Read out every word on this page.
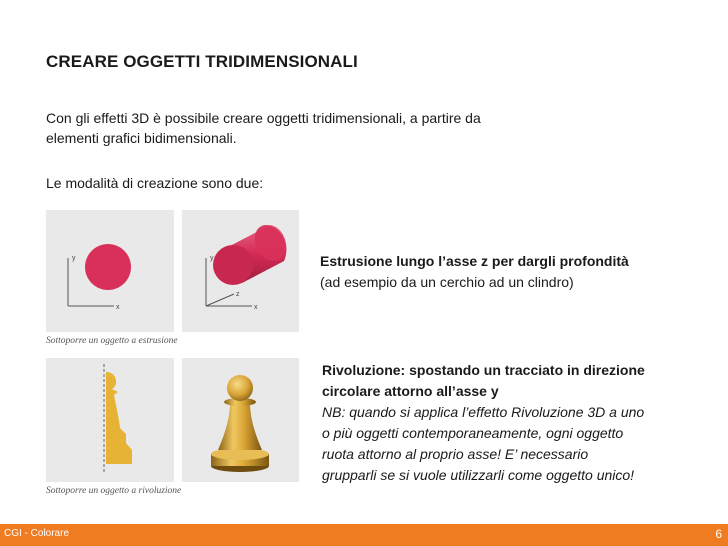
CREARE OGGETTI TRIDIMENSIONALI
Con gli effetti 3D è possibile creare oggetti tridimensionali, a partire da
elementi grafici bidimensionali.
Le modalità di creazione sono due:
y
x
y
x
z
Sottoporre un oggetto a estrusione
Sottoporre un oggetto a rivoluzione
Estrusione lungo l’asse z per dargli profondità
(ad esempio da un cerchio ad un clindro)
Rivoluzione: spostando un tracciato in direzione
circolare attorno all’asse y
NB: quando si applica l’effetto Rivoluzione 3D a uno
o più oggetti contemporaneamente, ogni oggetto
ruota attorno al proprio asse! E’ necessario
grupparli se si vuole utilizzarli come oggetto unico!
CGI - Colorare	6
